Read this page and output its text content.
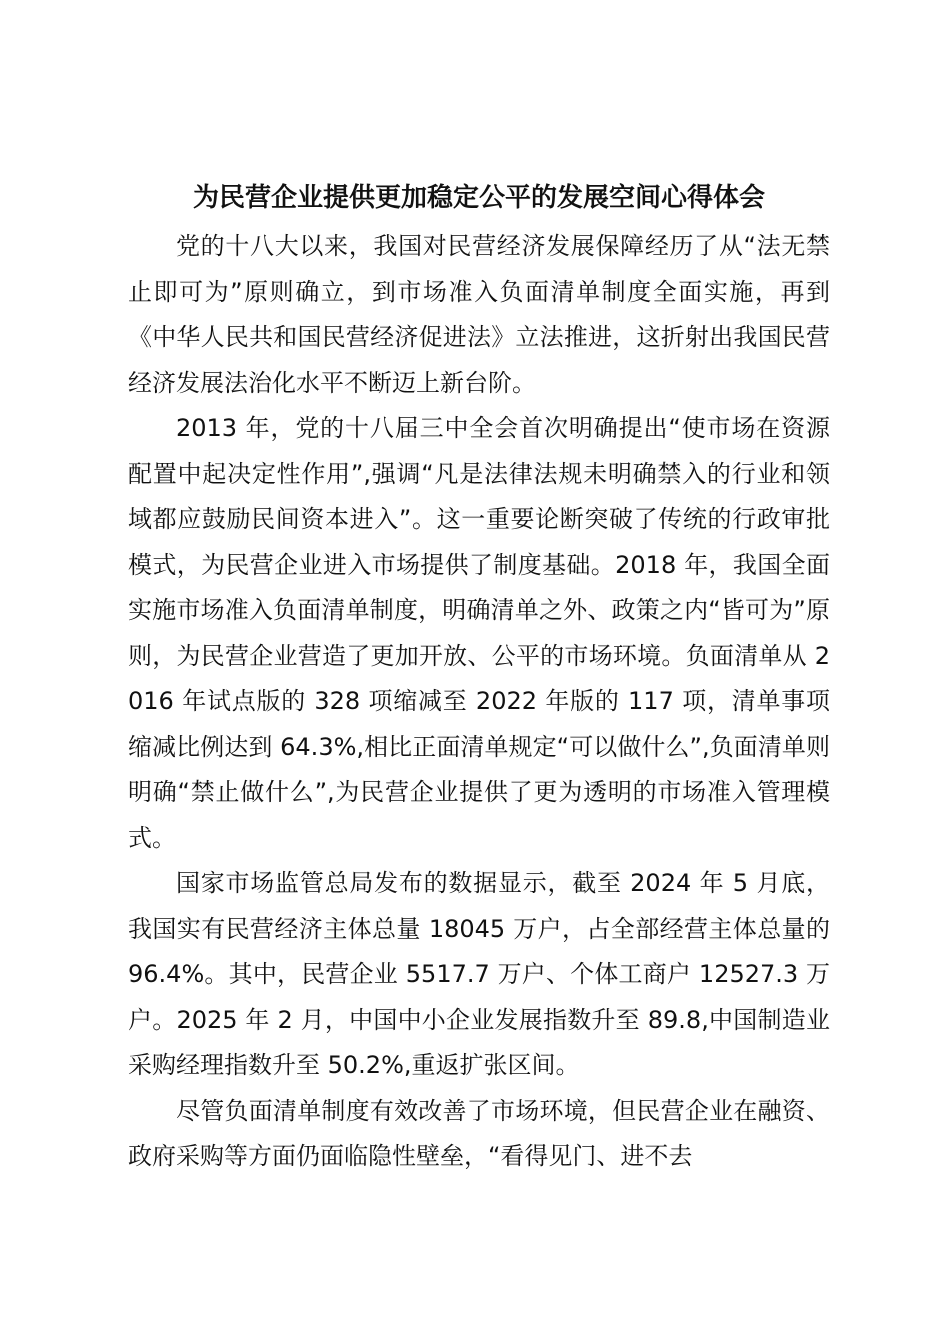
为民营企业提供更加稳定公平的发展空间心得体会

党的十八大以来，我国对民营经济发展保障经历了从“法无禁止即可为”原则确立，到市场准入负面清单制度全面实施，再到《中华人民共和国民营经济促进法》立法推进，这折射出我国民营经济发展法治化水平不断迈上新台阶。

2013 年，党的十八届三中全会首次明确提出“使市场在资源配置中起决定性作用”,强调“凡是法律法规未明确禁入的行业和领域都应鼓励民间资本进入”。这一重要论断突破了传统的行政审批模式，为民营企业进入市场提供了制度基础。2018 年，我国全面实施市场准入负面清单制度，明确清单之外、政策之内“皆可为”原则，为民营企业营造了更加开放、公平的市场环境。负面清单从 2016 年试点版的 328 项缩减至 2022 年版的 117 项，清单事项缩减比例达到 64.3%,相比正面清单规定“可以做什么”,负面清单则明确“禁止做什么”,为民营企业提供了更为透明的市场准入管理模式。

国家市场监管总局发布的数据显示，截至 2024 年 5 月底，我国实有民营经济主体总量 18045 万户，占全部经营主体总量的 96.4%。其中，民营企业 5517.7 万户、个体工商户 12527.3 万户。2025 年 2 月，中国中小企业发展指数升至 89.8,中国制造业采购经理指数升至 50.2%,重返扩张区间。

尽管负面清单制度有效改善了市场环境，但民营企业在融资、政府采购等方面仍面临隐性壁垒，“看得见门、进不去
